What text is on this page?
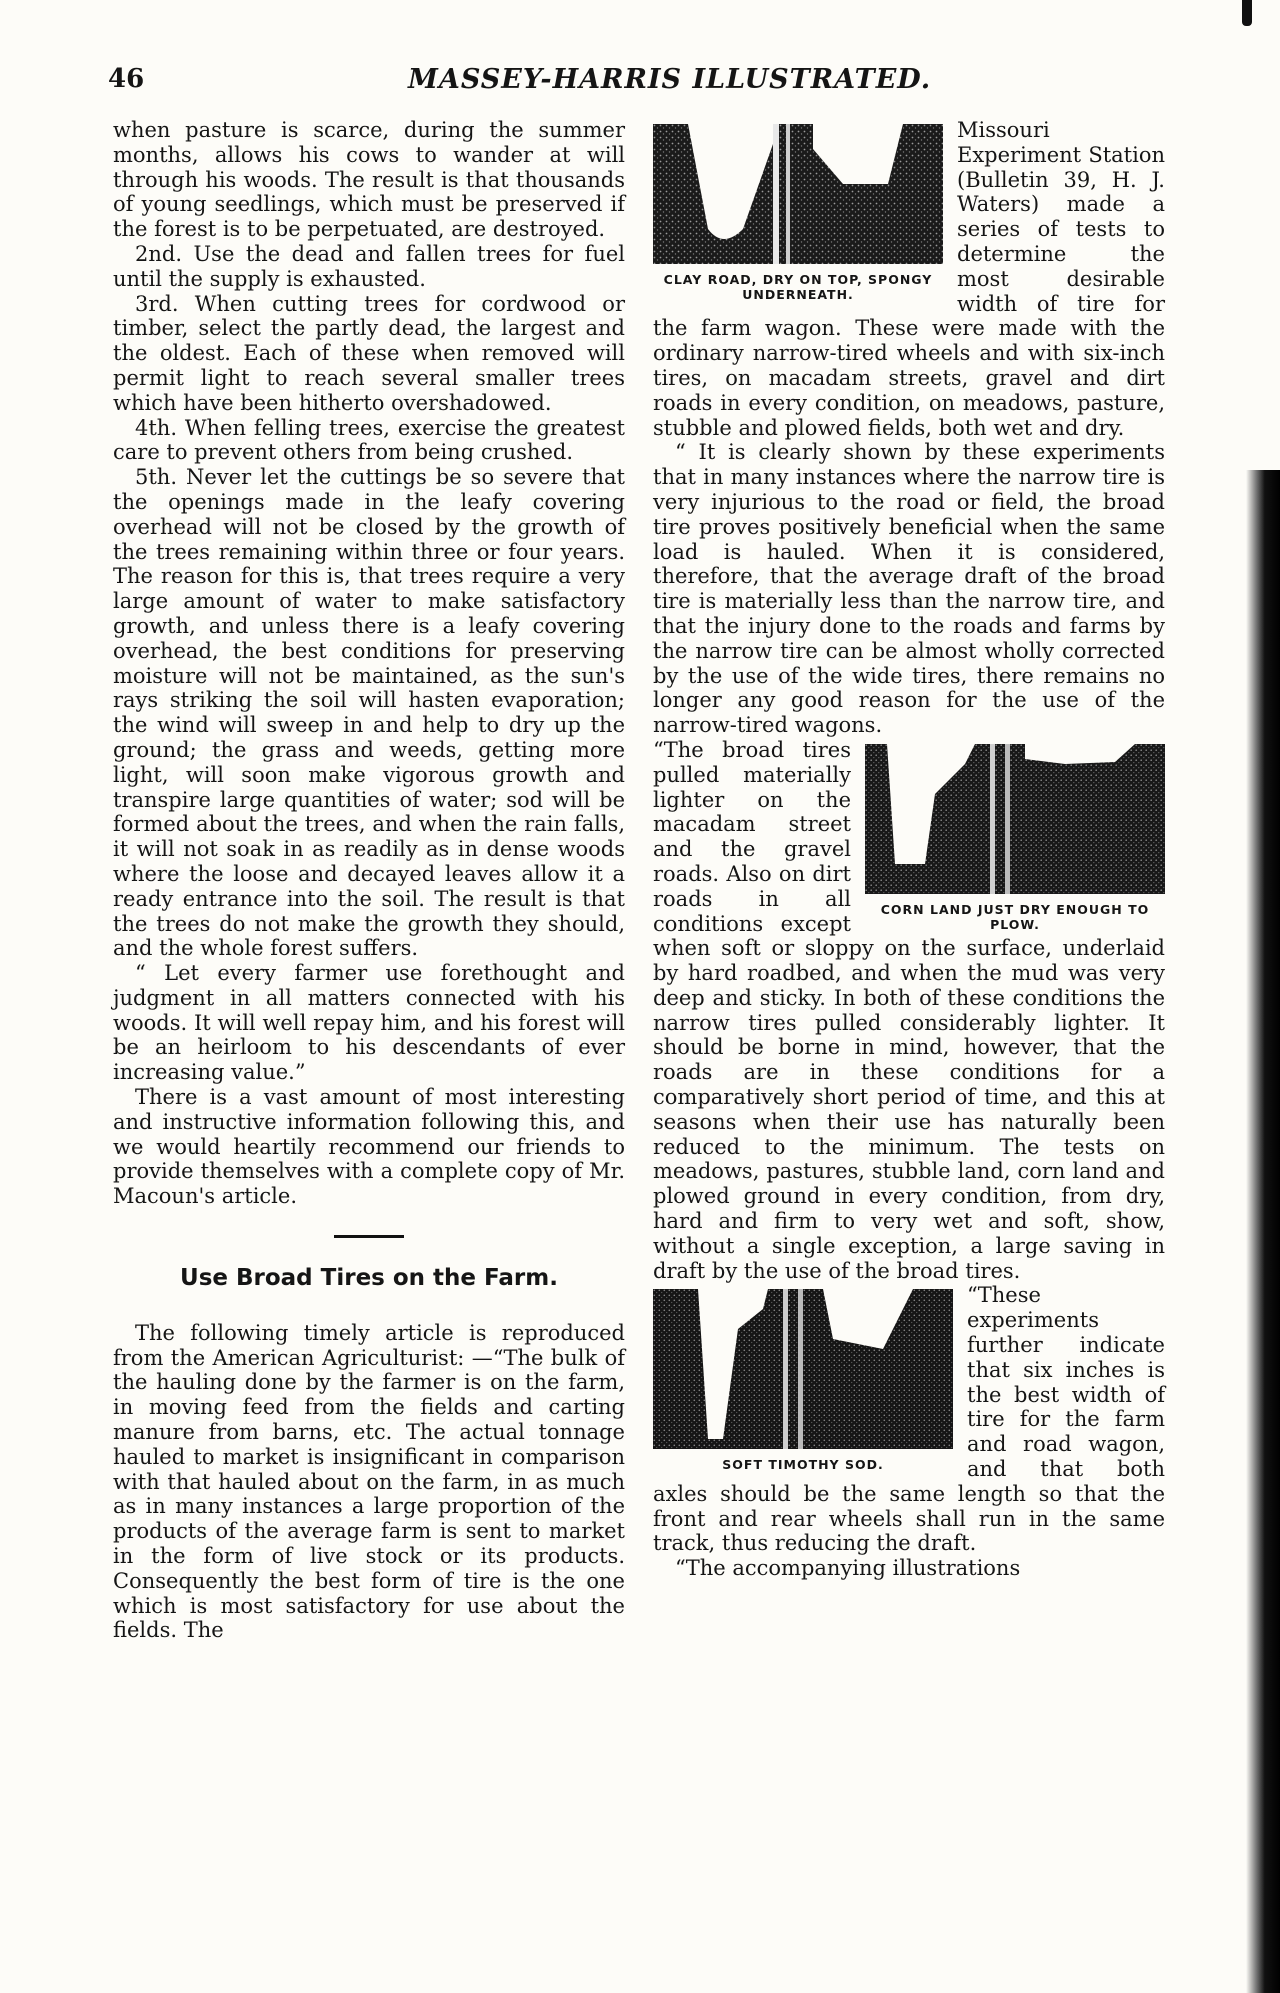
46	MASSEY-HARRIS ILLUSTRATED.

when pasture is scarce, during the summer months, allows his cows to wander at will through his woods. The result is that thousands of young seedlings, which must be preserved if the forest is to be perpetuated, are destroyed.

2nd. Use the dead and fallen trees for fuel until the supply is exhausted.

3rd. When cutting trees for cordwood or timber, select the partly dead, the largest and the oldest. Each of these when removed will permit light to reach several smaller trees which have been hitherto overshadowed.

4th. When felling trees, exercise the greatest care to prevent others from being crushed.

5th. Never let the cuttings be so severe that the openings made in the leafy covering overhead will not be closed by the growth of the trees remaining within three or four years. The reason for this is, that trees require a very large amount of water to make satisfactory growth, and unless there is a leafy covering overhead, the best conditions for preserving moisture will not be maintained, as the sun's rays striking the soil will hasten evaporation; the wind will sweep in and help to dry up the ground; the grass and weeds, getting more light, will soon make vigorous growth and transpire large quantities of water; sod will be formed about the trees, and when the rain falls, it will not soak in as readily as in dense woods where the loose and decayed leaves allow it a ready entrance into the soil. The result is that the trees do not make the growth they should, and the whole forest suffers.

“ Let every farmer use forethought and judgment in all matters connected with his woods. It will well repay him, and his forest will be an heirloom to his descendants of ever increasing value.”

There is a vast amount of most interesting and instructive information following this, and we would heartily recommend our friends to provide themselves with a complete copy of Mr. Macoun's article.

Use Broad Tires on the Farm.

The following timely article is reproduced from the American Agriculturist: —“The bulk of the hauling done by the farmer is on the farm, in moving feed from the fields and carting manure from barns, etc. The actual tonnage hauled to market is insignificant in comparison with that hauled about on the farm, in as much as in many instances a large proportion of the products of the average farm is sent to market in the form of live stock or its products. Consequently the best form of tire is the one which is most satisfactory for use about the fields. The

CLAY ROAD, DRY ON TOP, SPONGY UNDERNEATH.
Missouri Experiment Station (Bulletin 39, H. J. Waters) made a series of tests to determine the most desirable width of tire for the farm wagon. These were made with the ordinary narrow-tired wheels and with six-inch tires, on macadam streets, gravel and dirt roads in every condition, on meadows, pasture, stubble and plowed fields, both wet and dry.

“ It is clearly shown by these experiments that in many instances where the narrow tire is very injurious to the road or field, the broad tire proves positively beneficial when the same load is hauled. When it is considered, therefore, that the average draft of the broad tire is materially less than the narrow tire, and that the injury done to the roads and farms by the narrow tire can be almost wholly corrected by the use of the wide tires, there remains no longer any good reason for the use of the narrow-tired wagons.

CORN LAND JUST DRY ENOUGH TO PLOW.
“The broad tires pulled materially lighter on the macadam street and the gravel roads. Also on dirt roads in all conditions except when soft or sloppy on the surface, underlaid by hard roadbed, and when the mud was very deep and sticky. In both of these conditions the narrow tires pulled considerably lighter. It should be borne in mind, however, that the roads are in these conditions for a comparatively short period of time, and this at seasons when their use has naturally been reduced to the minimum. The tests on meadows, pastures, stubble land, corn land and plowed ground in every condition, from dry, hard and firm to very wet and soft, show, without a single exception, a large saving in draft by the use of the broad tires.

SOFT TIMOTHY SOD.
“These experiments further indicate that six inches is the best width of tire for the farm and road wagon, and that both axles should be the same length so that the front and rear wheels shall run in the same track, thus reducing the draft.

“The accompanying illustrations
